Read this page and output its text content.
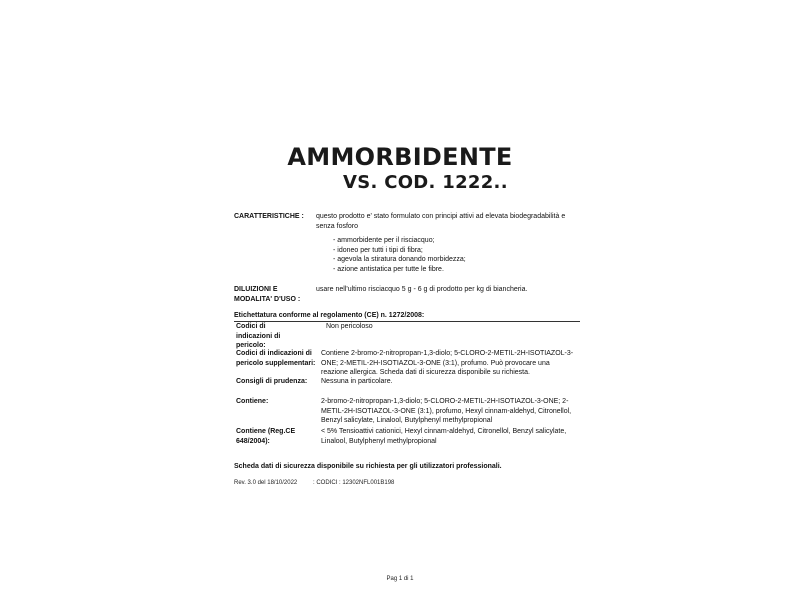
AMMORBIDENTE
VS. COD. 1222..
CARATTERISTICHE : questo prodotto e' stato formulato con principi attivi ad elevata biodegradabilità e senza fosforo
- ammorbidente per il risciacquo;
- idoneo per tutti i tipi di fibra;
- agevola la stiratura donando morbidezza;
- azione antistatica per tutte le fibre.
DILUIZIONI E MODALITA' D'USO :
usare nell'ultimo risciacquo 5 g - 6 g di prodotto per kg di biancheria.
Etichettatura conforme al regolamento (CE) n. 1272/2008:
Codici di indicazioni di pericolo:
Non pericoloso
Codici di indicazioni di pericolo supplementari:
Contiene 2-bromo-2-nitropropan-1,3-diolo; 5-CLORO-2-METIL-2H-ISOTIAZOL-3-ONE; 2-METIL-2H-ISOTIAZOL-3-ONE (3:1), profumo. Può provocare una reazione allergica. Scheda dati di sicurezza disponibile su richiesta.
Consigli di prudenza:	Nessuna in particolare.
Contiene:	2-bromo-2-nitropropan-1,3-diolo; 5-CLORO-2-METIL-2H-ISOTIAZOL-3-ONE; 2-METIL-2H-ISOTIAZOL-3-ONE (3:1), profumo, Hexyl cinnam-aldehyd, Citronellol, Benzyl salicylate, Linalool, Butylphenyl methylpropional
Contiene (Reg.CE 648/2004):
< 5% Tensioattivi cationici, Hexyl cinnam-aldehyd, Citronellol, Benzyl salicylate, Linalool, Butylphenyl methylpropional
Scheda dati di sicurezza disponibile su richiesta per gli utilizzatori professionali.
Rev. 3.0 del 18/10/2022	: CODICI : 12302NFL001B198
Pag 1 di 1
